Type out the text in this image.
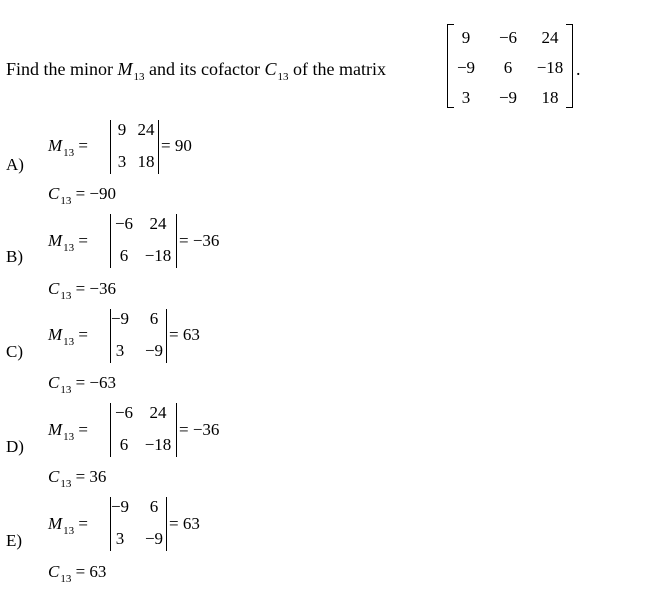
Find the minor $M_{13}$ and its cofactor $C_{13}$ of the matrix
9	−6	24
−9	6	−18
3	−9	18
.
A)
$M_{13}$ =
9 24
3 18
= 90
$C_{13} = -90$
B)
$M_{13}$ =
−6 24
6 −18
= −36
$C_{13} = -36$
C)
$M_{13}$ =
−9	6
3	−9
= 63
$C_{13} = -63$
D)
$M_{13}$ =
−6 24
6 −18
= −36
$C_{13} = 36$
E)
$M_{13}$ =
−9	6
3	−9
= 63
$C_{13} = 63$
